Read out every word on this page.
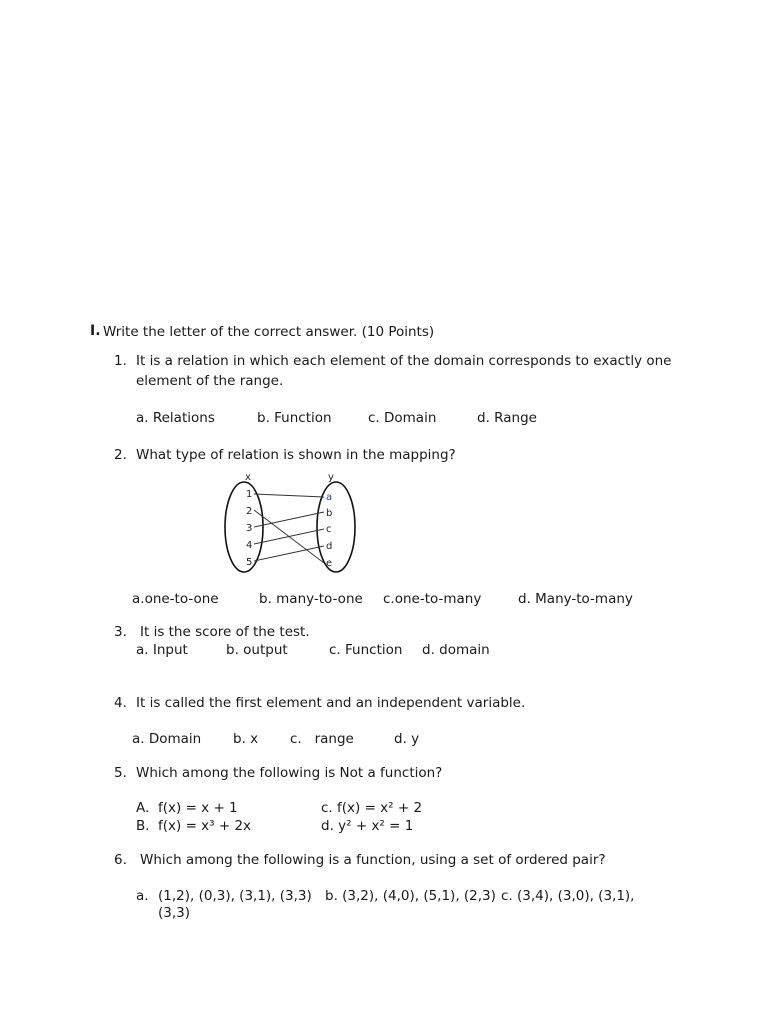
I. Write the letter of the correct answer. (10 Points)
1. It is a relation in which each element of the domain corresponds to exactly one
element of the range.
a. Relations	b. Function	c. Domain	d. Range
2. What type of relation is shown in the mapping?
x	y
1
2
3
4
5
a
b
c
d
e
a.one-to-one	b. many-to-one c.one-to-many	d. Many-to-many
3. It is the score of the test.
a. Input	b. output	c. Function d. domain
4. It is called the first element and an independent variable.
a. Domain b. x c.   range	d. y
5. Which among the following is Not a function?
A. f(x) = x + 1
B. f(x) = x³ + 2x
c. f(x) = x² + 2
d. y² + x² = 1
6. Which among the following is a function, using a set of ordered pair?
a. (1,2), (0,3), (3,1), (3,3)
(3,3)
b. (3,2), (4,0), (5,1), (2,3) c. (3,4), (3,0), (3,1),
